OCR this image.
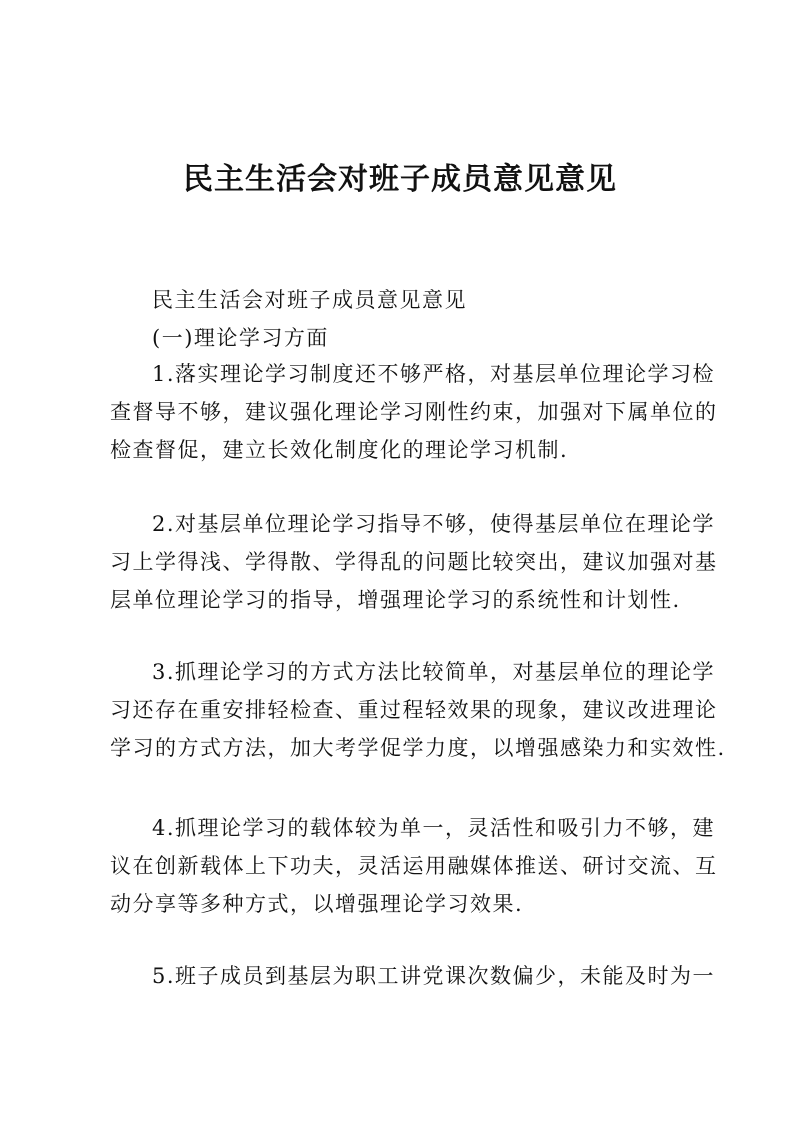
民主生活会对班子成员意见意见
民主生活会对班子成员意见意见
(一)理论学习方面
1.落实理论学习制度还不够严格，对基层单位理论学习检
查督导不够，建议强化理论学习刚性约束，加强对下属单位的
检查督促，建立长效化制度化的理论学习机制.
2.对基层单位理论学习指导不够，使得基层单位在理论学
习上学得浅、学得散、学得乱的问题比较突出，建议加强对基
层单位理论学习的指导，增强理论学习的系统性和计划性.
3.抓理论学习的方式方法比较简单，对基层单位的理论学
习还存在重安排轻检查、重过程轻效果的现象，建议改进理论
学习的方式方法，加大考学促学力度，以增强感染力和实效性.
4.抓理论学习的载体较为单一，灵活性和吸引力不够，建
议在创新载体上下功夫，灵活运用融媒体推送、研讨交流、互
动分享等多种方式，以增强理论学习效果.
5.班子成员到基层为职工讲党课次数偏少，未能及时为一
